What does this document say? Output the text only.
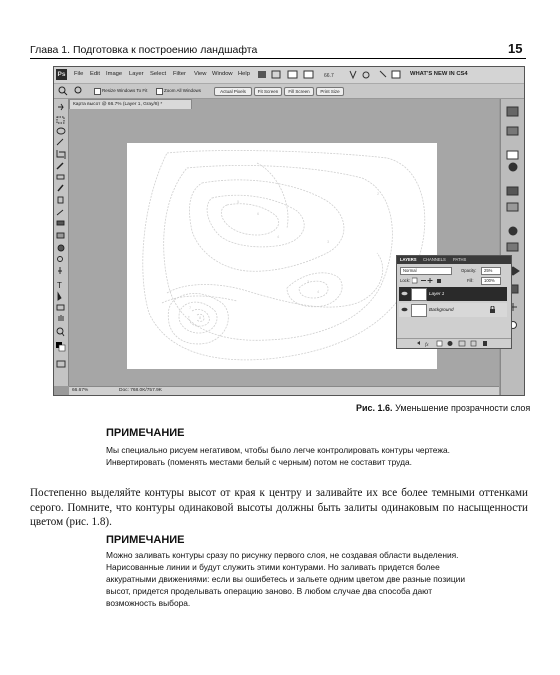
Глава 1. Подготовка к построению ландшафта	15
Ps File Edit Image Layer Select Filter View Window Help	66.7	WHAT'S NEW IN CS4
Resize Windows To Fit	Zoom All Windows	Actual Pixels	Fit Screen	Fill Screen	Print Size
T
Карта высот @ 66.7% (Layer 1, Gray/8) *
5
6
4
7
8
3
4
2
3
66.67%	Doc: 768.0K/757.9K
LAYERS CHANNELS PATHS
Normal	Opacity:	25%
Lock:	Fill:	100%
Layer 1
Background
fx
Рис. 1.6. Уменьшение прозрачности слоя
ПРИМЕЧАНИЕ
Мы специально рисуем негативом, чтобы было легче контролировать контуры чертежа.
Инвертировать (поменять местами белый с черным) потом не составит труда.
Постепенно выделяйте контуры высот от края к центру и заливайте их все более темными оттенками серого. Помните, что контуры одинаковой высоты должны быть залиты одинаковым по насыщенности цветом (рис. 1.8).
ПРИМЕЧАНИЕ
Можно заливать контуры сразу по рисунку первого слоя, не создавая области выделения.
Нарисованные линии и будут служить этими контурами. Но заливать придется более
аккуратными движениями: если вы ошибетесь и зальете одним цветом две разные позиции
высот, придется проделывать операцию заново. В любом случае два способа дают
возможность выбора.
